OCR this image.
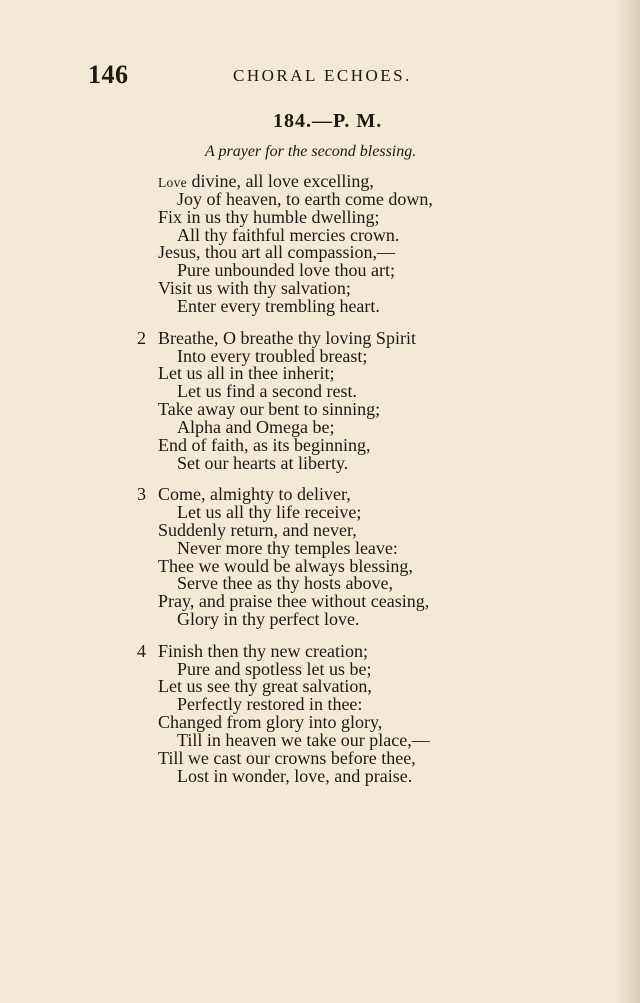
146	CHORAL ECHOES.
184.—P. M.
A prayer for the second blessing.
Love divine, all love excelling,
Joy of heaven, to earth come down,
Fix in us thy humble dwelling;
All thy faithful mercies crown.
Jesus, thou art all compassion,—
Pure unbounded love thou art;
Visit us with thy salvation;
Enter every trembling heart.
2 Breathe, O breathe thy loving Spirit
Into every troubled breast;
Let us all in thee inherit;
Let us find a second rest.
Take away our bent to sinning;
Alpha and Omega be;
End of faith, as its beginning,
Set our hearts at liberty.
3 Come, almighty to deliver,
Let us all thy life receive;
Suddenly return, and never,
Never more thy temples leave:
Thee we would be always blessing,
Serve thee as thy hosts above,
Pray, and praise thee without ceasing,
Glory in thy perfect love.
4 Finish then thy new creation;
Pure and spotless let us be;
Let us see thy great salvation,
Perfectly restored in thee:
Changed from glory into glory,
Till in heaven we take our place,—
Till we cast our crowns before thee,
Lost in wonder, love, and praise.
